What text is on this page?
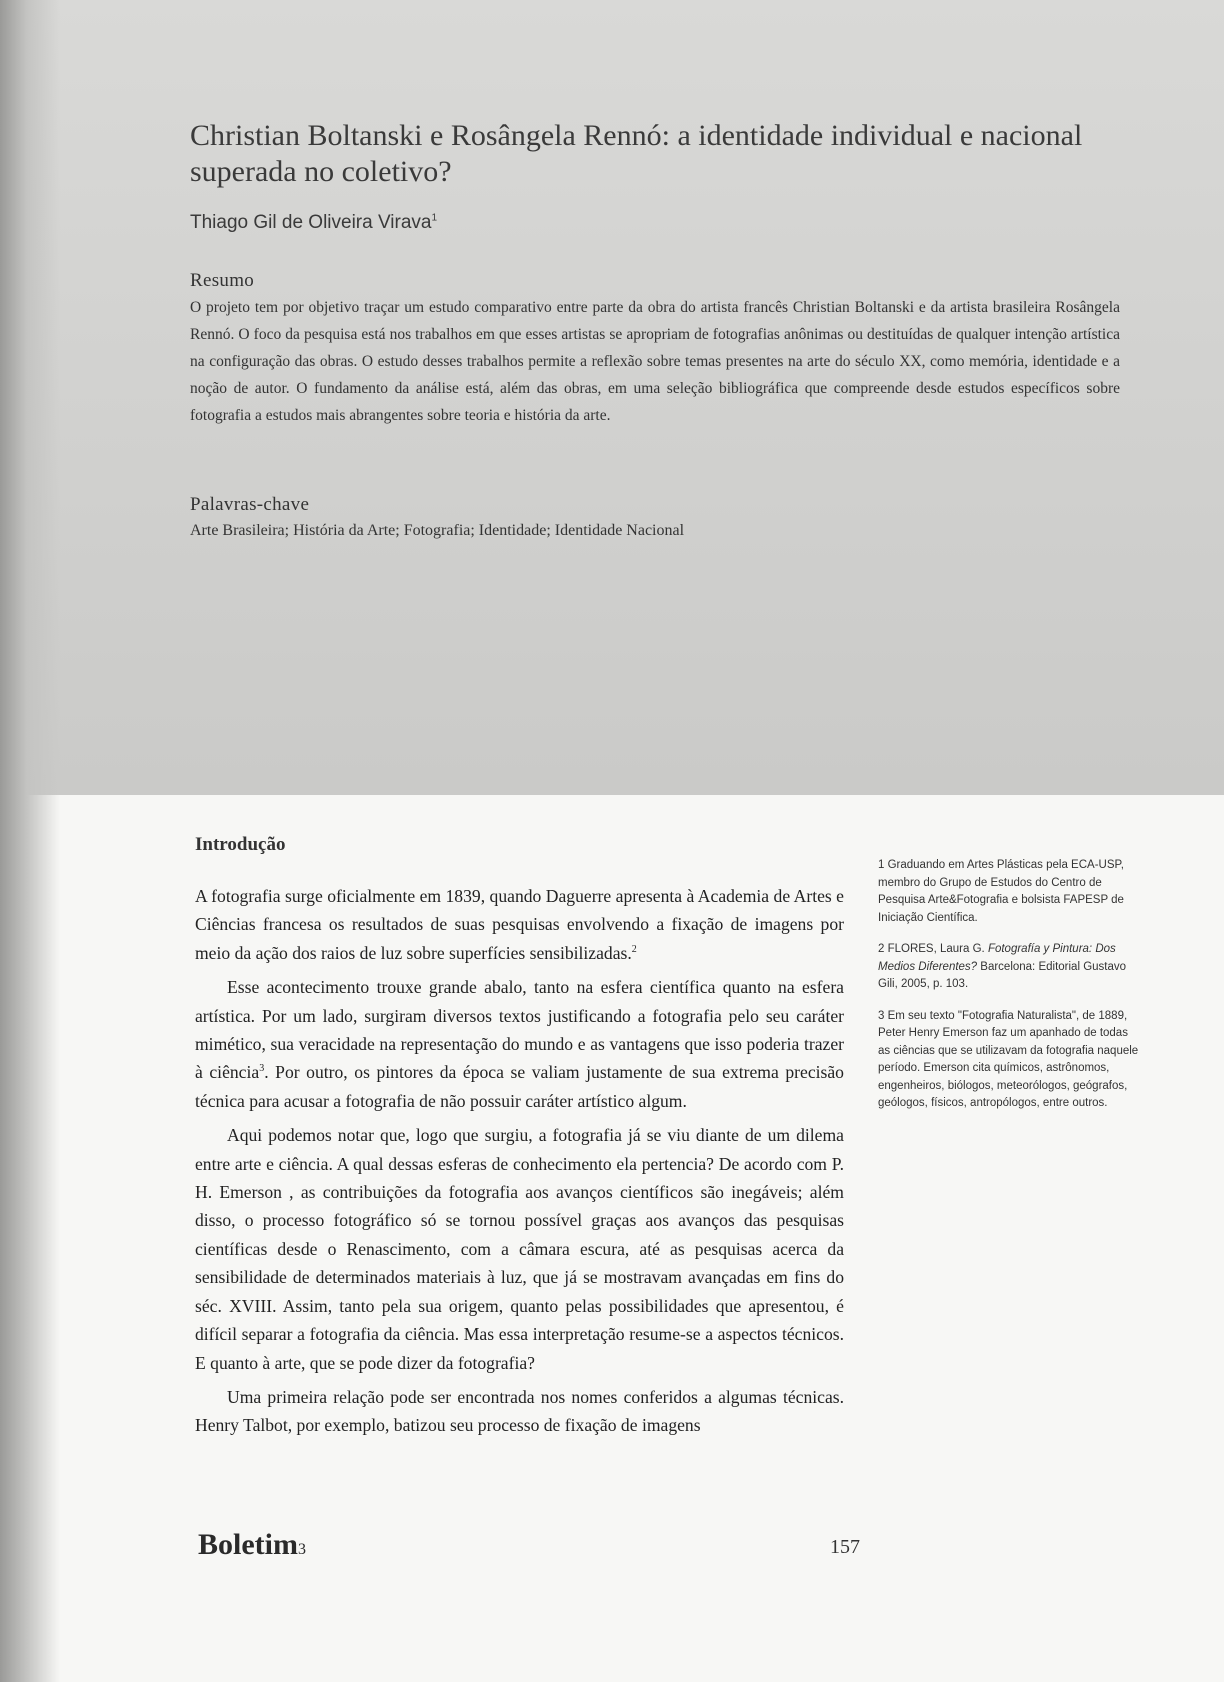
Christian Boltanski e Rosângela Rennó: a identidade individual e nacional superada no coletivo?
Thiago Gil de Oliveira Virava$^1$
Resumo

O projeto tem por objetivo traçar um estudo comparativo entre parte da obra do artista francês Christian Boltanski e da artista brasileira Rosângela Rennó. O foco da pesquisa está nos trabalhos em que esses artistas se apropriam de fotografias anônimas ou destituídas de qualquer intenção artística na configuração das obras. O estudo desses trabalhos permite a reflexão sobre temas presentes na arte do século XX, como memória, identidade e a noção de autor. O fundamento da análise está, além das obras, em uma seleção bibliográfica que compreende desde estudos específicos sobre fotografia a estudos mais abrangentes sobre teoria e história da arte.

Palavras-chave
Arte Brasileira; História da Arte; Fotografia; Identidade; Identidade Nacional
Introdução

A fotografia surge oficialmente em 1839, quando Daguerre apresenta à Academia de Artes e Ciências francesa os resultados de suas pesquisas envolvendo a fixação de imagens por meio da ação dos raios de luz sobre superfícies sensibilizadas.$^2$

Esse acontecimento trouxe grande abalo, tanto na esfera científica quanto na esfera artística. Por um lado, surgiram diversos textos justificando a fotografia pelo seu caráter mimético, sua veracidade na representação do mundo e as vantagens que isso poderia trazer à ciência$^3$. Por outro, os pintores da época se valiam justamente de sua extrema precisão técnica para acusar a fotografia de não possuir caráter artístico algum.

Aqui podemos notar que, logo que surgiu, a fotografia já se viu diante de um dilema entre arte e ciência. A qual dessas esferas de conhecimento ela pertencia? De acordo com P. H. Emerson , as contribuições da fotografia aos avanços científicos são inegáveis; além disso, o processo fotográfico só se tornou possível graças aos avanços das pesquisas científicas desde o Renascimento, com a câmara escura, até as pesquisas acerca da sensibilidade de determinados materiais à luz, que já se mostravam avançadas em fins do séc. XVIII. Assim, tanto pela sua origem, quanto pelas possibilidades que apresentou, é difícil separar a fotografia da ciência. Mas essa interpretação resume-se a aspectos técnicos. E quanto à arte, que se pode dizer da fotografia?

Uma primeira relação pode ser encontrada nos nomes conferidos a algumas técnicas. Henry Talbot, por exemplo, batizou seu processo de fixação de imagens

1 Graduando em Artes Plásticas pela ECA-USP, membro do Grupo de Estudos do Centro de Pesquisa Arte&Fotografia e bolsista FAPESP de Iniciação Científica.

2 FLORES, Laura G. Fotografía y Pintura: Dos Medios Diferentes? Barcelona: Editorial Gustavo Gili, 2005, p. 103.

3 Em seu texto "Fotografia Naturalista", de 1889, Peter Henry Emerson faz um apanhado de todas as ciências que se utilizavam da fotografia naquele período. Emerson cita químicos, astrônomos, engenheiros, biólogos, meteorólogos, geógrafos, geólogos, físicos, antropólogos, entre outros.

Boletim3	157
